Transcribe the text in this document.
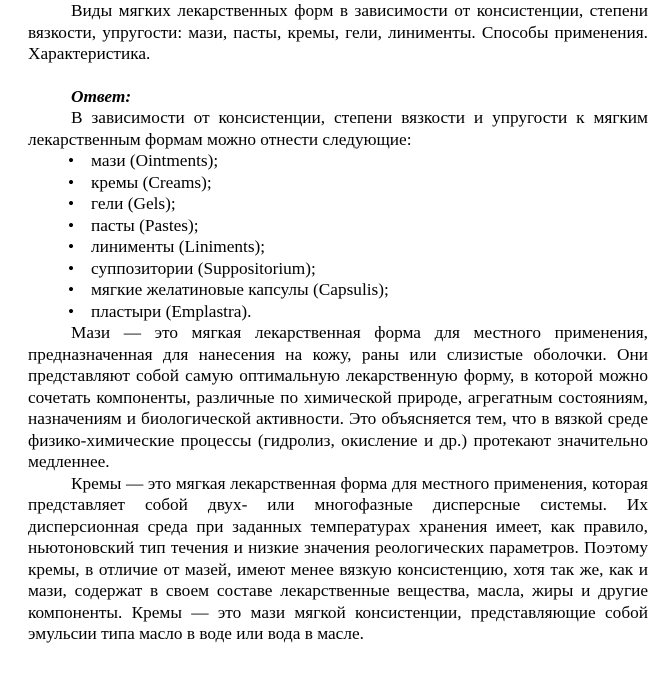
Виды мягких лекарственных форм в зависимости от консистенции, степени вязкости, упругости: мази, пасты, кремы, гели, линименты. Способы применения. Характеристика.

Ответ:

В зависимости от консистенции, степени вязкости и упругости к мягким лекарственным формам можно отнести следующие:

• мази (Ointments);
• кремы (Creams);
• гели (Gels);
• пасты (Pastes);
• линименты (Liniments);
• суппозитории (Suppositorium);
• мягкие желатиновые капсулы (Capsulis);
• пластыри (Emplastra).

Мази — это мягкая лекарственная форма для местного применения, предназначенная для нанесения на кожу, раны или слизистые оболочки. Они представляют собой самую оптимальную лекарственную форму, в которой можно сочетать компоненты, различные по химической природе, агрегатным состояниям, назначениям и биологической активности. Это объясняется тем, что в вязкой среде физико-химические процессы (гидролиз, окисление и др.) протекают значительно медленнее.

Кремы — это мягкая лекарственная форма для местного применения, которая представляет собой двух- или многофазные дисперсные системы. Их дисперсионная среда при заданных температурах хранения имеет, как правило, ньютоновский тип течения и низкие значения реологических параметров. Поэтому кремы, в отличие от мазей, имеют менее вязкую консистенцию, хотя так же, как и мази, содержат в своем составе лекарственные вещества, масла, жиры и другие компоненты. Кремы — это мази мягкой консистенции, представляющие собой эмульсии типа масло в воде или вода в масле.
